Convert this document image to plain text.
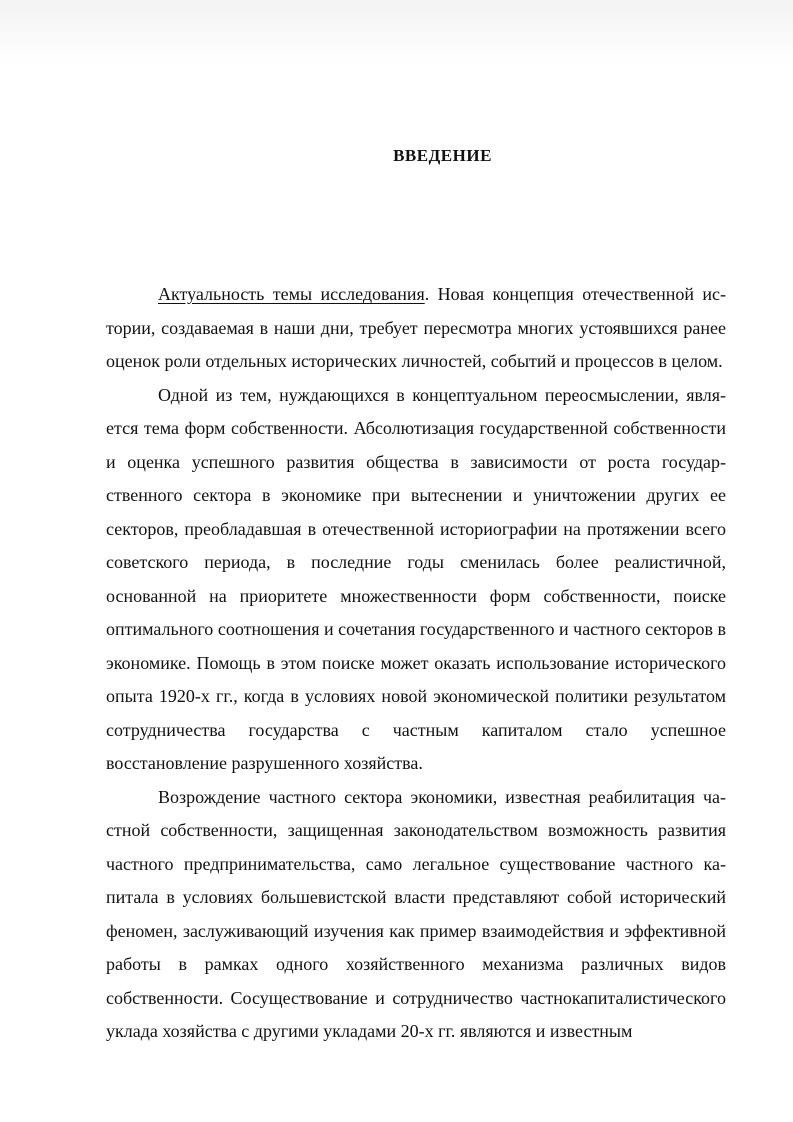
ВВЕДЕНИЕ

Актуальность темы исследования. Новая концепция отечественной истории, создаваемая в наши дни, требует пересмотра многих устоявшихся ранее оценок роли отдельных исторических личностей, событий и процессов в целом.

Одной из тем, нуждающихся в концептуальном переосмыслении, является тема форм собственности. Абсолютизация государственной собственности и оценка успешного развития общества в зависимости от роста государственного сектора в экономике при вытеснении и уничтожении других ее секторов, преобладавшая в отечественной историографии на протяжении всего советского периода, в последние годы сменилась более реалистичной, основанной на приоритете множественности форм собственности, поиске оптимального соотношения и сочетания государственного и частного секторов в экономике. Помощь в этом поиске может оказать использование исторического опыта 1920-х гг., когда в условиях новой экономической политики результатом сотрудничества государства с частным капиталом стало успешное восстановление разрушенного хозяйства.

Возрождение частного сектора экономики, известная реабилитация частной собственности, защищенная законодательством возможность развития частного предпринимательства, само легальное существование частного капитала в условиях большевистской власти представляют собой исторический феномен, заслуживающий изучения как пример взаимодействия и эффективной работы в рамках одного хозяйственного механизма различных видов собственности. Сосуществование и сотрудничество частнокапиталистического уклада хозяйства с другими укладами 20-х гг. являются и известным
